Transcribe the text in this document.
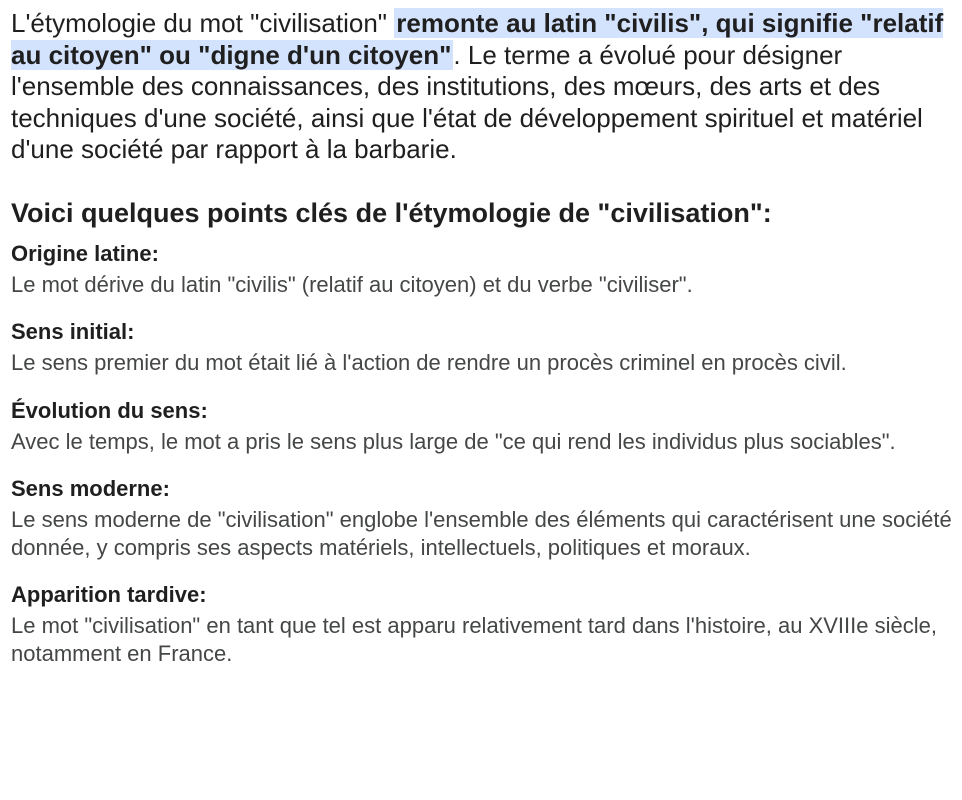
L'étymologie du mot "civilisation" remonte au latin "civilis", qui signifie "relatif au citoyen" ou "digne d'un citoyen". Le terme a évolué pour désigner l'ensemble des connaissances, des institutions, des mœurs, des arts et des techniques d'une société, ainsi que l'état de développement spirituel et matériel d'une société par rapport à la barbarie.

Voici quelques points clés de l'étymologie de "civilisation":
Origine latine:

Le mot dérive du latin "civilis" (relatif au citoyen) et du verbe "civiliser".

Sens initial:

Le sens premier du mot était lié à l'action de rendre un procès criminel en procès civil.

Évolution du sens:

Avec le temps, le mot a pris le sens plus large de "ce qui rend les individus plus sociables".

Sens moderne:

Le sens moderne de "civilisation" englobe l'ensemble des éléments qui caractérisent une société donnée, y compris ses aspects matériels, intellectuels, politiques et moraux.

Apparition tardive:

Le mot "civilisation" en tant que tel est apparu relativement tard dans l'histoire, au XVIIIe siècle, notamment en France.
